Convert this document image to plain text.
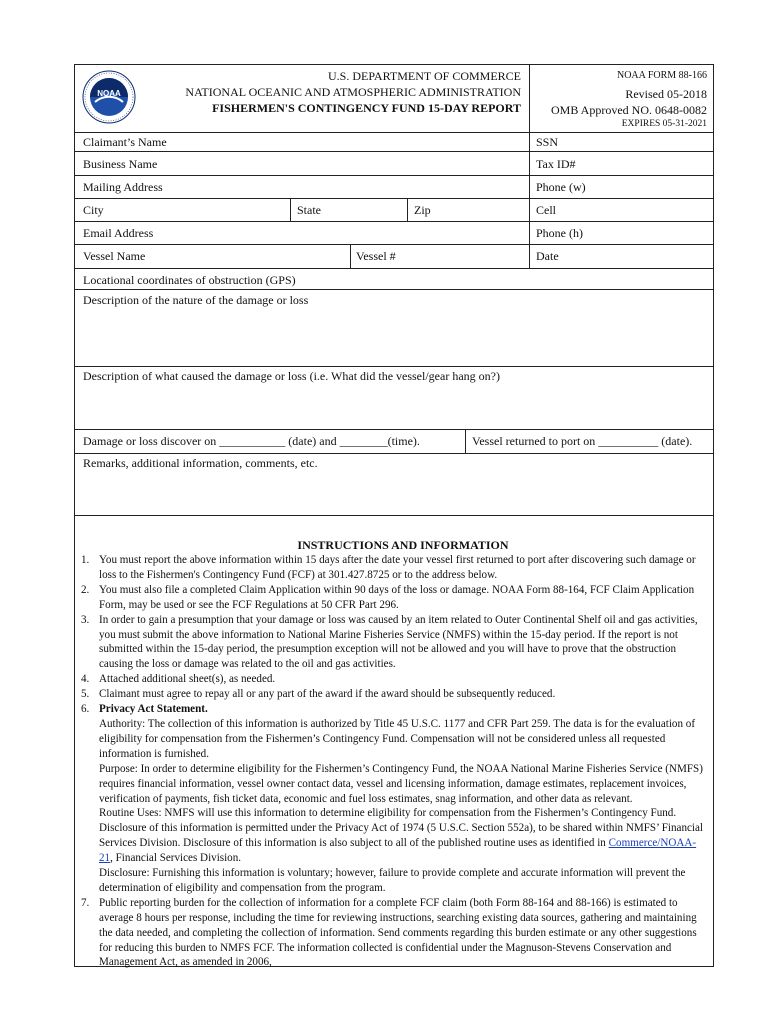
NOAA
U.S. DEPARTMENT OF COMMERCE
NATIONAL OCEANIC AND ATMOSPHERIC ADMINISTRATION
FISHERMEN'S CONTINGENCY FUND 15-DAY REPORT
NOAA FORM 88-166
Revised 05-2018
OMB Approved NO. 0648-0082
EXPIRES 05-31-2021
Claimant’s Name	SSN
Business Name	Tax ID#
Mailing Address	Phone (w)
City	State	Zip	Cell
Email Address	Phone (h)
Vessel Name	Vessel #	Date
Locational coordinates of obstruction (GPS)
Description of the nature of the damage or loss
Description of what caused the damage or loss (i.e. What did the vessel/gear hang on?)
Damage or loss discover on ___________ (date) and ________(time).	Vessel returned to port on __________ (date).
Remarks, additional information, comments, etc.
INSTRUCTIONS AND INFORMATION
1. You must report the above information within 15 days after the date your vessel first returned to port after discovering such damage or loss to the Fishermen's Contingency Fund (FCF) at 301.427.8725 or to the address below.
2. You must also file a completed Claim Application within 90 days of the loss or damage. NOAA Form 88-164, FCF Claim Application Form, may be used or see the FCF Regulations at 50 CFR Part 296.
3. In order to gain a presumption that your damage or loss was caused by an item related to Outer Continental Shelf oil and gas activities, you must submit the above information to National Marine Fisheries Service (NMFS) within the 15-day period. If the report is not submitted within the 15-day period, the presumption exception will not be allowed and you will have to prove that the obstruction causing the loss or damage was related to the oil and gas activities.
4. Attached additional sheet(s), as needed.
5. Claimant must agree to repay all or any part of the award if the award should be subsequently reduced.
6. Privacy Act Statement.
Authority: The collection of this information is authorized by Title 45 U.S.C. 1177 and CFR Part 259. The data is for the evaluation of eligibility for compensation from the Fishermen’s Contingency Fund. Compensation will not be considered unless all requested information is furnished.
Purpose: In order to determine eligibility for the Fishermen’s Contingency Fund, the NOAA National Marine Fisheries Service (NMFS) requires financial information, vessel owner contact data, vessel and licensing information, damage estimates, replacement invoices, verification of payments, fish ticket data, economic and fuel loss estimates, snag information, and other data as relevant.
Routine Uses: NMFS will use this information to determine eligibility for compensation from the Fishermen’s Contingency Fund. Disclosure of this information is permitted under the Privacy Act of 1974 (5 U.S.C. Section 552a), to be shared within NMFS’ Financial Services Division. Disclosure of this information is also subject to all of the published routine uses as identified in Commerce/NOAA-21, Financial Services Division.
Disclosure: Furnishing this information is voluntary; however, failure to provide complete and accurate information will prevent the determination of eligibility and compensation from the program.
7. Public reporting burden for the collection of information for a complete FCF claim (both Form 88-164 and 88-166) is estimated to average 8 hours per response, including the time for reviewing instructions, searching existing data sources, gathering and maintaining the data needed, and completing the collection of information. Send comments regarding this burden estimate or any other suggestions for reducing this burden to NMFS FCF. The information collected is confidential under the Magnuson-Stevens Conservation and Management Act, as amended in 2006,
